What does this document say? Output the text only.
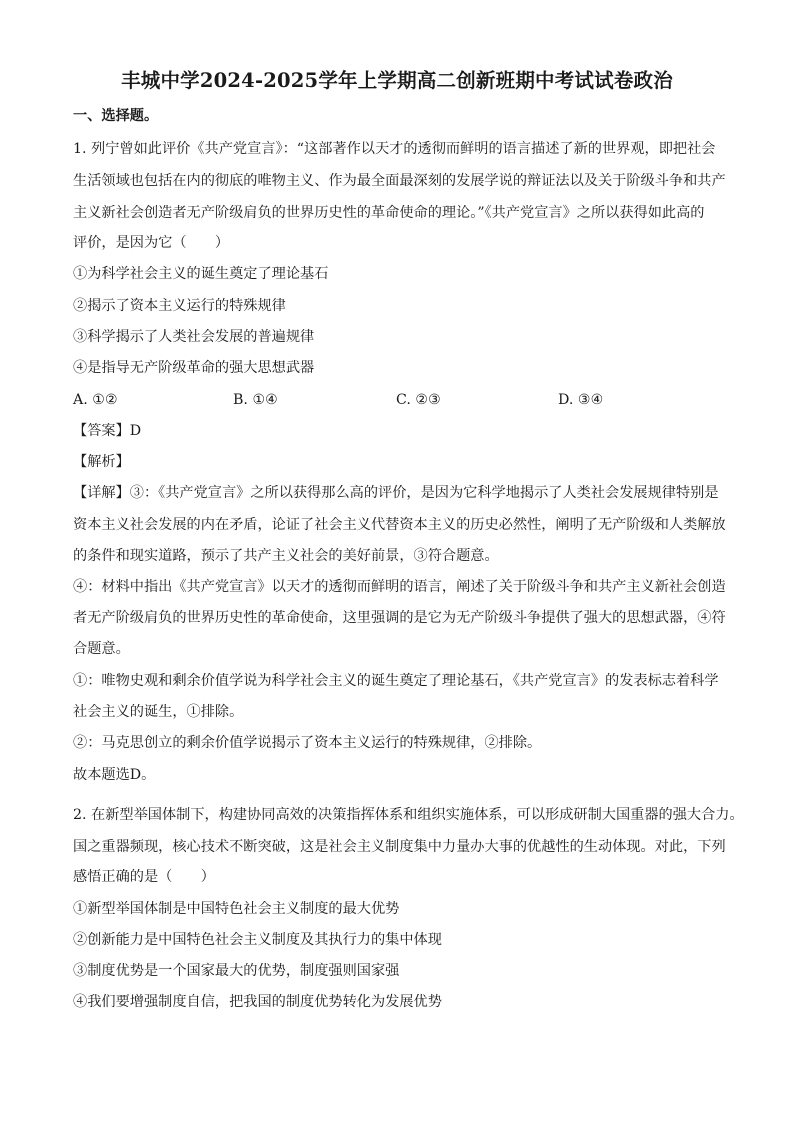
丰城中学2024-2025学年上学期高二创新班期中考试试卷政治
一、选择题。
1. 列宁曾如此评价《共产党宣言》：“这部著作以天才的透彻而鲜明的语言描述了新的世界观，即把社会
生活领域也包括在内的彻底的唯物主义、作为最全面最深刻的发展学说的辩证法以及关于阶级斗争和共产
主义新社会创造者无产阶级肩负的世界历史性的革命使命的理论。”《共产党宣言》之所以获得如此高的
评价，是因为它（　　）
①为科学社会主义的诞生奠定了理论基石
②揭示了资本主义运行的特殊规律
③科学揭示了人类社会发展的普遍规律
④是指导无产阶级革命的强大思想武器
A. ①②	B. ①④	C. ②③	D. ③④
【答案】D
【解析】
【详解】③：《共产党宣言》之所以获得那么高的评价，是因为它科学地揭示了人类社会发展规律特别是
资本主义社会发展的内在矛盾，论证了社会主义代替资本主义的历史必然性，阐明了无产阶级和人类解放
的条件和现实道路，预示了共产主义社会的美好前景，③符合题意。
④：材料中指出《共产党宣言》以天才的透彻而鲜明的语言，阐述了关于阶级斗争和共产主义新社会创造
者无产阶级肩负的世界历史性的革命使命，这里强调的是它为无产阶级斗争提供了强大的思想武器，④符
合题意。
①：唯物史观和剩余价值学说为科学社会主义的诞生奠定了理论基石，《共产党宣言》的发表标志着科学
社会主义的诞生，①排除。
②：马克思创立的剩余价值学说揭示了资本主义运行的特殊规律，②排除。
故本题选D。
2. 在新型举国体制下，构建协同高效的决策指挥体系和组织实施体系，可以形成研制大国重器的强大合力。
国之重器频现，核心技术不断突破，这是社会主义制度集中力量办大事的优越性的生动体现。对此，下列
感悟正确的是（　　）
①新型举国体制是中国特色社会主义制度的最大优势
②创新能力是中国特色社会主义制度及其执行力的集中体现
③制度优势是一个国家最大的优势，制度强则国家强
④我们要增强制度自信，把我国的制度优势转化为发展优势
